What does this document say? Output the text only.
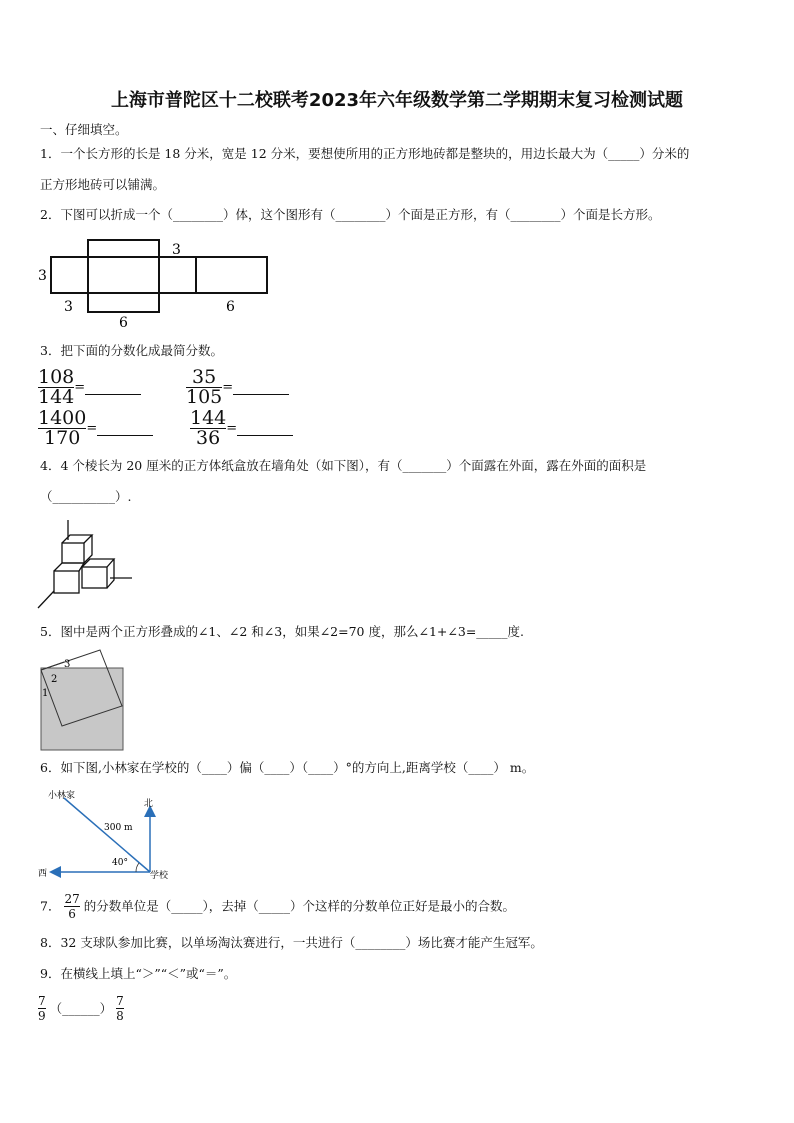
上海市普陀区十二校联考2023年六年级数学第二学期期末复习检测试题
一、仔细填空。
1．一个长方形的长是 18 分米，宽是 12 分米，要想使所用的正方形地砖都是整块的，用边长最大为（_____）分米的
正方形地砖可以铺满。
2．下图可以折成一个（________）体，这个图形有（________）个面是正方形，有（________）个面是长方形。
3
3
3	6
6
3．把下面的分数化成最简分数。
$\frac{108}{144}$ =	$\frac{35}{105}$ =
$\frac{1400}{170}$ =	$\frac{144}{36}$ =
4．4 个棱长为 20 厘米的正方体纸盒放在墙角处（如下图），有（_______）个面露在外面，露在外面的面积是
（__________）.
5．图中是两个正方形叠成的∠1、∠2 和∠3，如果∠2=70 度，那么∠1+∠3=_____度.
3
2
1
6．如下图,小林家在学校的（____）偏（____）（____）°的方向上,距离学校（____） m。
小林家
北
300 m
40°
西	学校
7． $\frac{27}{6}$ 的分数单位是（_____），去掉（_____）个这样的分数单位正好是最小的合数。
8．32 支球队参加比赛，以单场淘汰赛进行，一共进行（________）场比赛才能产生冠军。
9．在横线上填上“＞”“＜”或“＝”。
$\frac{7}{9}$ （______） $\frac{7}{8}$
